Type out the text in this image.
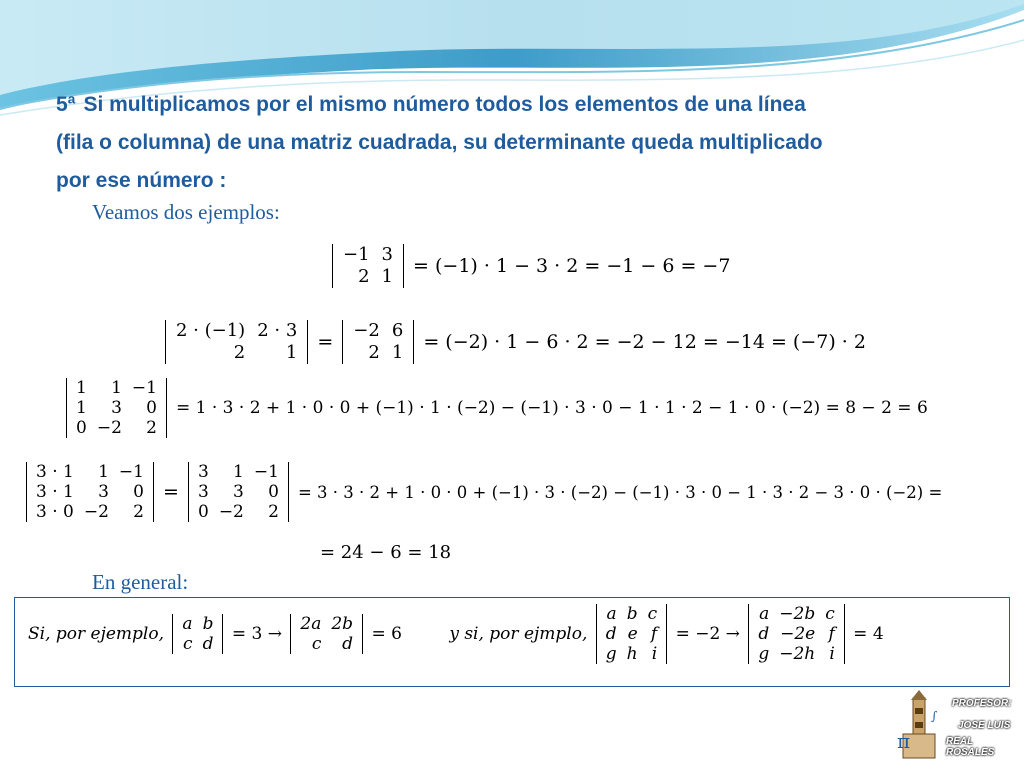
5ª Si multiplicamos por el mismo número todos los elementos de una línea
(fila o columna) de una matriz cuadrada, su determinante queda multiplicado
por ese número :
Veamos dos ejemplos:
−1	3
2	1 = (−1) · 1 − 3 · 2 = −1 − 6 = −7
2 · (−1)	2 · 3
2	1 =
−2	6
2	1 = (−2) · 1 − 6 · 2 = −2 − 12 = −14 = (−7) · 2
1	1	−1
1	3	0
0	−2	2
= 1 · 3 · 2 + 1 · 0 · 0 + (−1) · 1 · (−2) − (−1) · 3 · 0 − 1 · 1 · 2 − 1 · 0 · (−2) = 8 − 2 = 6
3 · 1	1	−1
3 · 1	3	0
3 · 0	−2	2
=
3	1	−1
3	3	0
0	−2	2
= 3 · 3 · 2 + 1 · 0 · 0 + (−1) · 3 · (−2) − (−1) · 3 · 0 − 1 · 3 · 2 − 3 · 0 · (−2) =
= 24 − 6 = 18
En general:
Si, por ejemplo, a	b
c	d = 3 → 2a	2b
c	d = 6	y si, por ejmplo,
a	b	c
d	e	f
g	h	i
= −2 →
a	−2b	c
d	−2e	f
g	−2h	i
= 4
π
∫
PROFESOR:
JOSE LUIS
REAL ROSALES
